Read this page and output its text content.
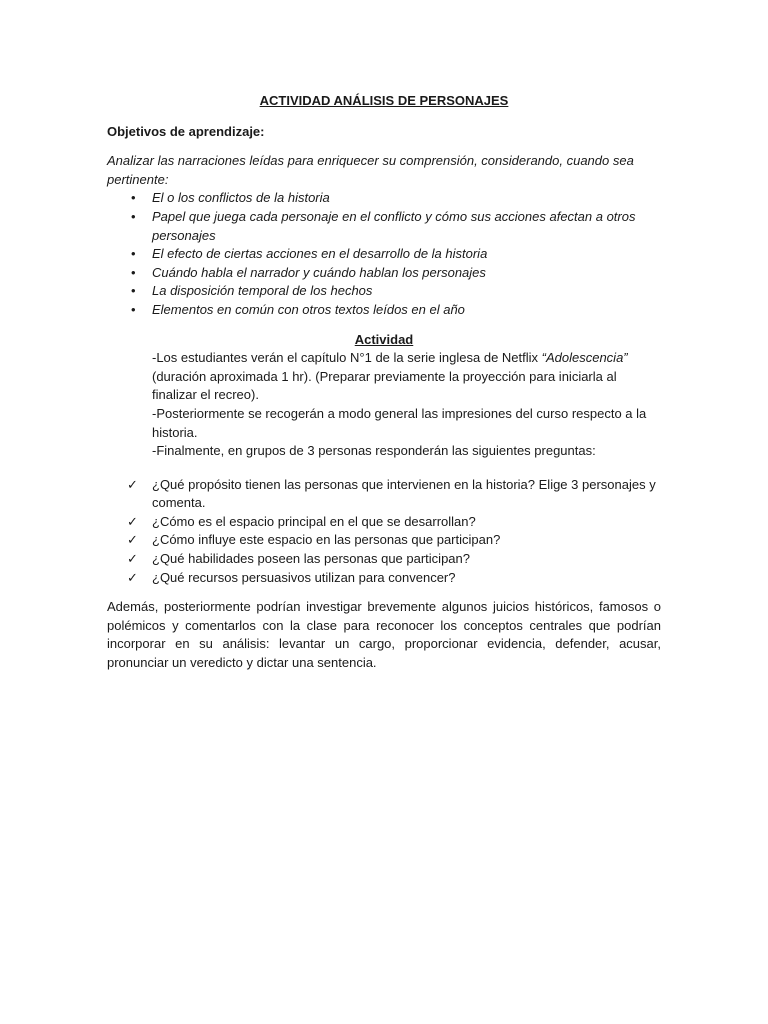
ACTIVIDAD ANÁLISIS DE PERSONAJES

Objetivos de aprendizaje:

Analizar las narraciones leídas para enriquecer su comprensión, considerando, cuando sea pertinente:

• El o los conflictos de la historia
• Papel que juega cada personaje en el conflicto y cómo sus acciones afectan a otros personajes
• El efecto de ciertas acciones en el desarrollo de la historia
• Cuándo habla el narrador y cuándo hablan los personajes
• La disposición temporal de los hechos
• Elementos en común con otros textos leídos en el año

Actividad

-Los estudiantes verán el capítulo N°1 de la serie inglesa de Netflix “Adolescencia” (duración aproximada 1 hr). (Preparar previamente la proyección para iniciarla al finalizar el recreo).

-Posteriormente se recogerán a modo general las impresiones del curso respecto a la historia.

-Finalmente, en grupos de 3 personas responderán las siguientes preguntas:

✓ ¿Qué propósito tienen las personas que intervienen en la historia? Elige 3 personajes y comenta.
✓ ¿Cómo es el espacio principal en el que se desarrollan?
✓ ¿Cómo influye este espacio en las personas que participan?
✓ ¿Qué habilidades poseen las personas que participan?
✓ ¿Qué recursos persuasivos utilizan para convencer?

Además, posteriormente podrían investigar brevemente algunos juicios históricos, famosos o polémicos y comentarlos con la clase para reconocer los conceptos centrales que podrían incorporar en su análisis: levantar un cargo, proporcionar evidencia, defender, acusar, pronunciar un veredicto y dictar una sentencia.
